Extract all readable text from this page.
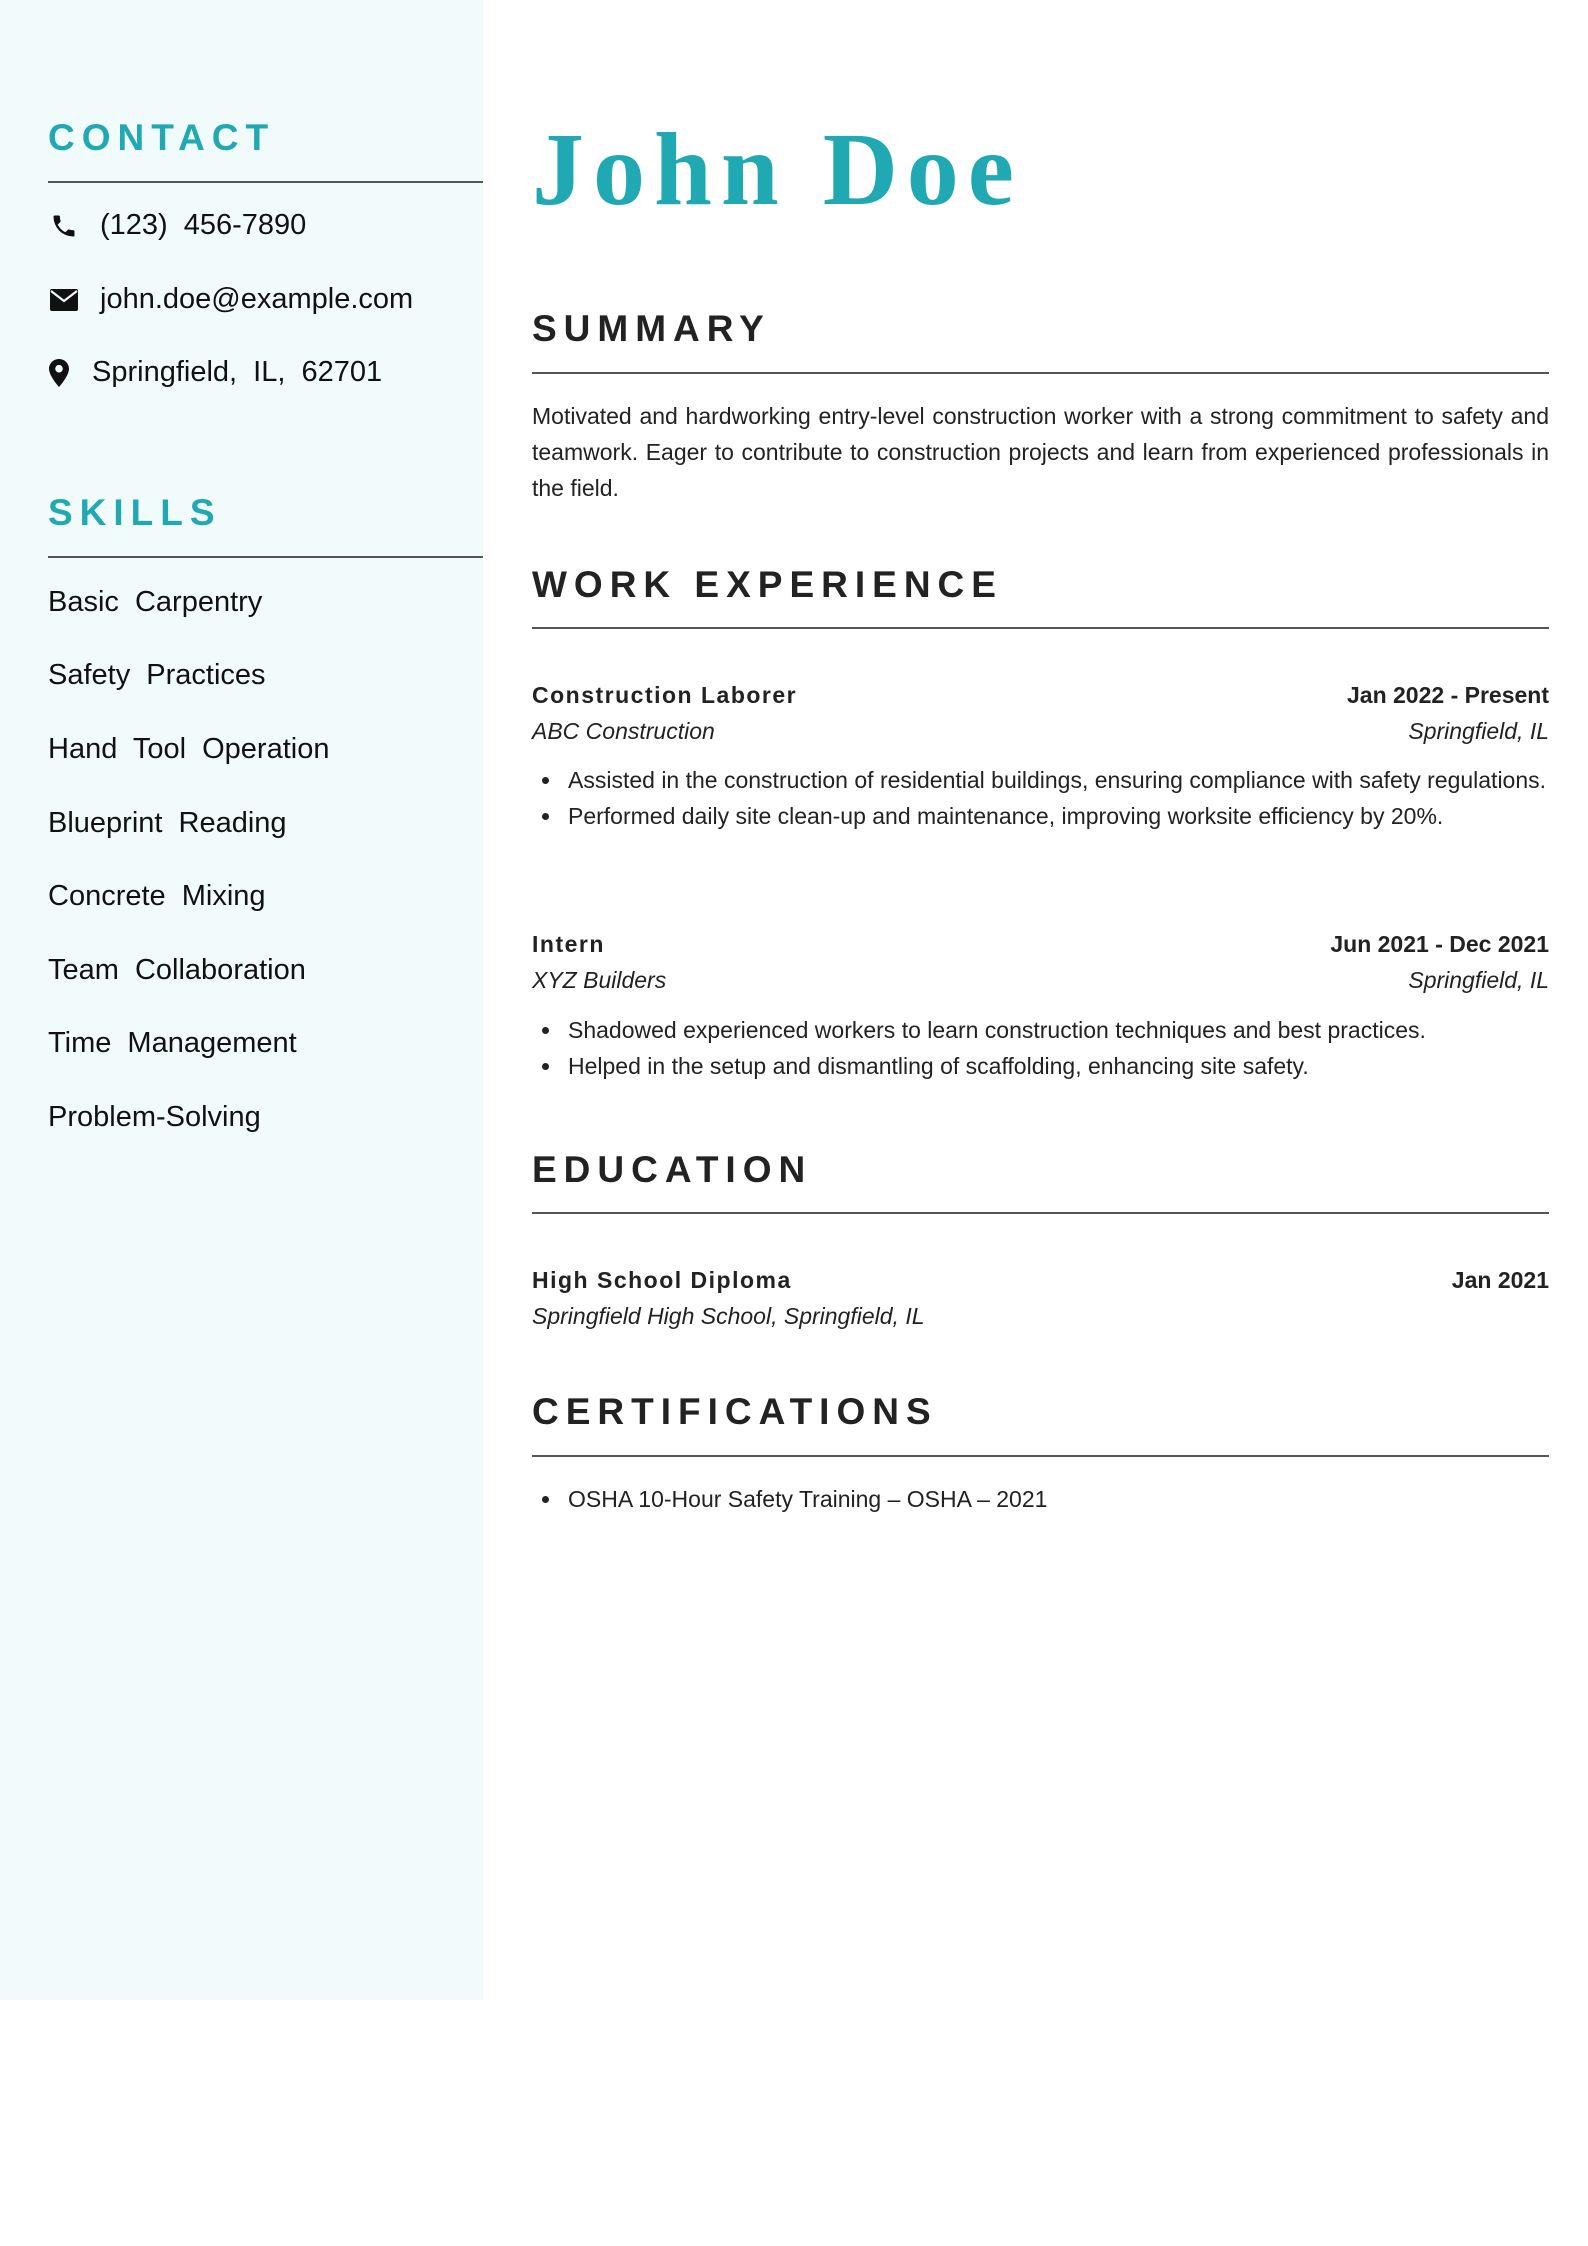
CONTACT
(123) 456-7890
john.doe@example.com
Springfield, IL, 62701
SKILLS
Basic Carpentry
Safety Practices
Hand Tool Operation
Blueprint Reading
Concrete Mixing
Team Collaboration
Time Management
Problem-Solving
John Doe
SUMMARY

Motivated and hardworking entry-level construction worker with a strong commitment to safety and teamwork. Eager to contribute to construction projects and learn from experienced professionals in the field.

WORK EXPERIENCE
Construction Laborer	Jan 2022 - Present
ABC Construction	Springfield, IL
Assisted in the construction of residential buildings, ensuring compliance with safety regulations.
Performed daily site clean-up and maintenance, improving worksite efficiency by 20%.
Intern	Jun 2021 - Dec 2021
XYZ Builders	Springfield, IL
Shadowed experienced workers to learn construction techniques and best practices.
Helped in the setup and dismantling of scaffolding, enhancing site safety.
EDUCATION
High School Diploma	Jan 2021
Springfield High School, Springfield, IL
CERTIFICATIONS
OSHA 10-Hour Safety Training – OSHA – 2021
